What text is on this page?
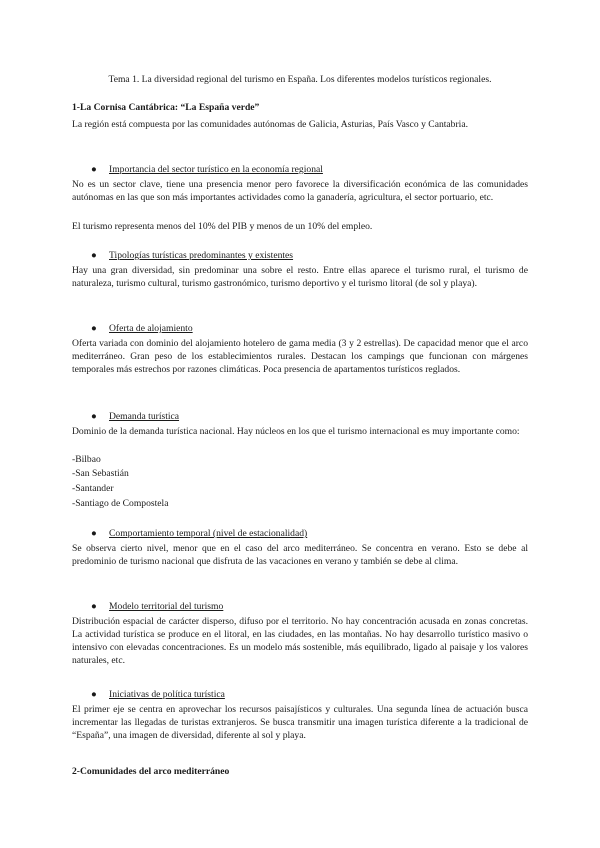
Tema 1. La diversidad regional del turismo en España. Los diferentes modelos turísticos regionales.
1-La Cornisa Cantábrica: “La España verde”
La región está compuesta por las comunidades autónomas de Galicia, Asturias, País Vasco y Cantabria.
● Importancia del sector turístico en la economía regional
No es un sector clave, tiene una presencia menor pero favorece la diversificación económica de las comunidades autónomas en las que son más importantes actividades como la ganadería, agricultura, el sector portuario, etc.
El turismo representa menos del 10% del PIB y menos de un 10% del empleo.
● Tipologías turísticas predominantes y existentes
Hay una gran diversidad, sin predominar una sobre el resto. Entre ellas aparece el turismo rural, el turismo de naturaleza, turismo cultural, turismo gastronómico, turismo deportivo y el turismo litoral (de sol y playa).
● Oferta de alojamiento
Oferta variada con dominio del alojamiento hotelero de gama media (3 y 2 estrellas). De capacidad menor que el arco mediterráneo. Gran peso de los establecimientos rurales. Destacan los campings que funcionan con márgenes temporales más estrechos por razones climáticas. Poca presencia de apartamentos turísticos reglados.
● Demanda turística
Dominio de la demanda turística nacional. Hay núcleos en los que el turismo internacional es muy importante como:
-Bilbao
-San Sebastián
-Santander
-Santiago de Compostela
● Comportamiento temporal (nivel de estacionalidad)
Se observa cierto nivel, menor que en el caso del arco mediterráneo. Se concentra en verano. Esto se debe al predominio de turismo nacional que disfruta de las vacaciones en verano y también se debe al clima.
● Modelo territorial del turismo
Distribución espacial de carácter disperso, difuso por el territorio. No hay concentración acusada en zonas concretas. La actividad turística se produce en el litoral, en las ciudades, en las montañas. No hay desarrollo turístico masivo o intensivo con elevadas concentraciones. Es un modelo más sostenible, más equilibrado, ligado al paisaje y los valores naturales, etc.
● Iniciativas de política turística
El primer eje se centra en aprovechar los recursos paisajísticos y culturales. Una segunda línea de actuación busca incrementar las llegadas de turistas extranjeros. Se busca transmitir una imagen turística diferente a la tradicional de “España”, una imagen de diversidad, diferente al sol y playa.
2-Comunidades del arco mediterráneo
